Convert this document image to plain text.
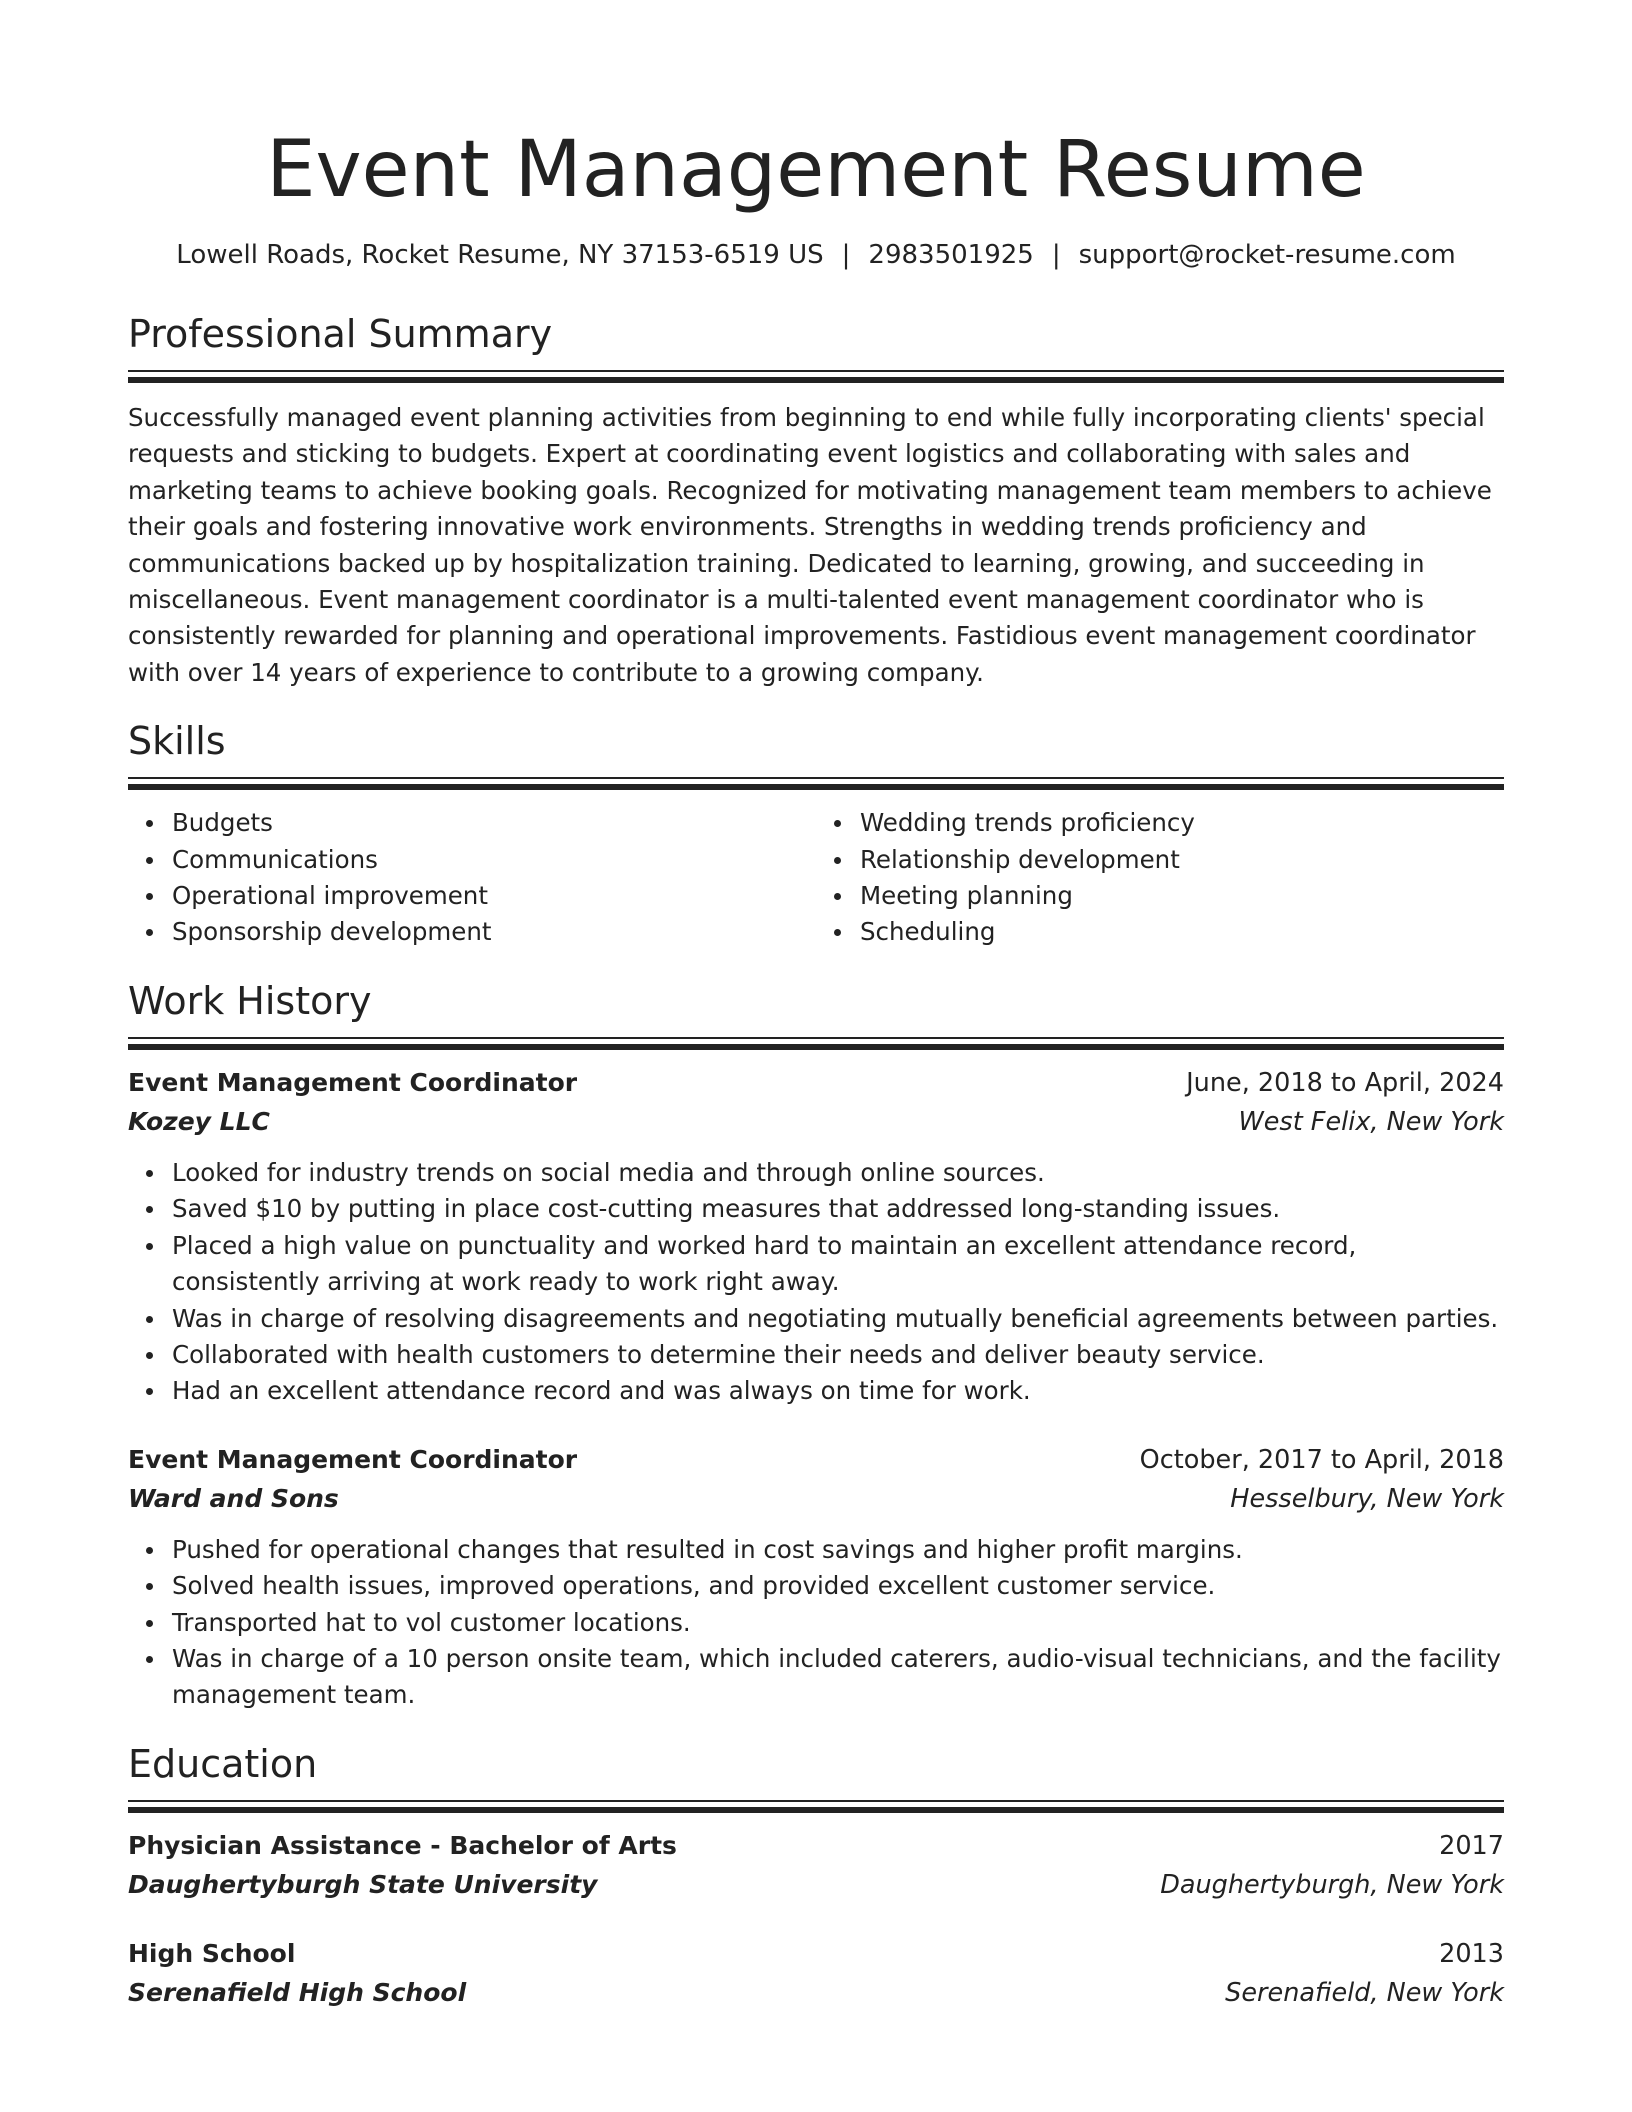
Event Management Resume
Lowell Roads, Rocket Resume, NY 37153-6519 US | 2983501925 | support@rocket-resume.com
Professional Summary
Successfully managed event planning activities from beginning to end while fully incorporating clients' special requests and sticking to budgets. Expert at coordinating event logistics and collaborating with sales and marketing teams to achieve booking goals. Recognized for motivating management team members to achieve their goals and fostering innovative work environments. Strengths in wedding trends proficiency and communications backed up by hospitalization training. Dedicated to learning, growing, and succeeding in miscellaneous. Event management coordinator is a multi-talented event management coordinator who is consistently rewarded for planning and operational improvements. Fastidious event management coordinator with over 14 years of experience to contribute to a growing company.
Skills
Budgets
Communications
Operational improvement
Sponsorship development
Wedding trends proficiency
Relationship development
Meeting planning
Scheduling
Work History
Event Management Coordinator	June, 2018 to April, 2024
Kozey LLC	West Felix, New York
Looked for industry trends on social media and through online sources.
Saved $10 by putting in place cost-cutting measures that addressed long-standing issues.
Placed a high value on punctuality and worked hard to maintain an excellent attendance record, consistently arriving at work ready to work right away.
Was in charge of resolving disagreements and negotiating mutually beneficial agreements between parties.
Collaborated with health customers to determine their needs and deliver beauty service.
Had an excellent attendance record and was always on time for work.
Event Management Coordinator	October, 2017 to April, 2018
Ward and Sons	Hesselbury, New York
Pushed for operational changes that resulted in cost savings and higher profit margins.
Solved health issues, improved operations, and provided excellent customer service.
Transported hat to vol customer locations.
Was in charge of a 10 person onsite team, which included caterers, audio-visual technicians, and the facility management team.
Education
Physician Assistance - Bachelor of Arts	2017
Daughertyburgh State University	Daughertyburgh, New York
High School	2013
Serenafield High School	Serenafield, New York
